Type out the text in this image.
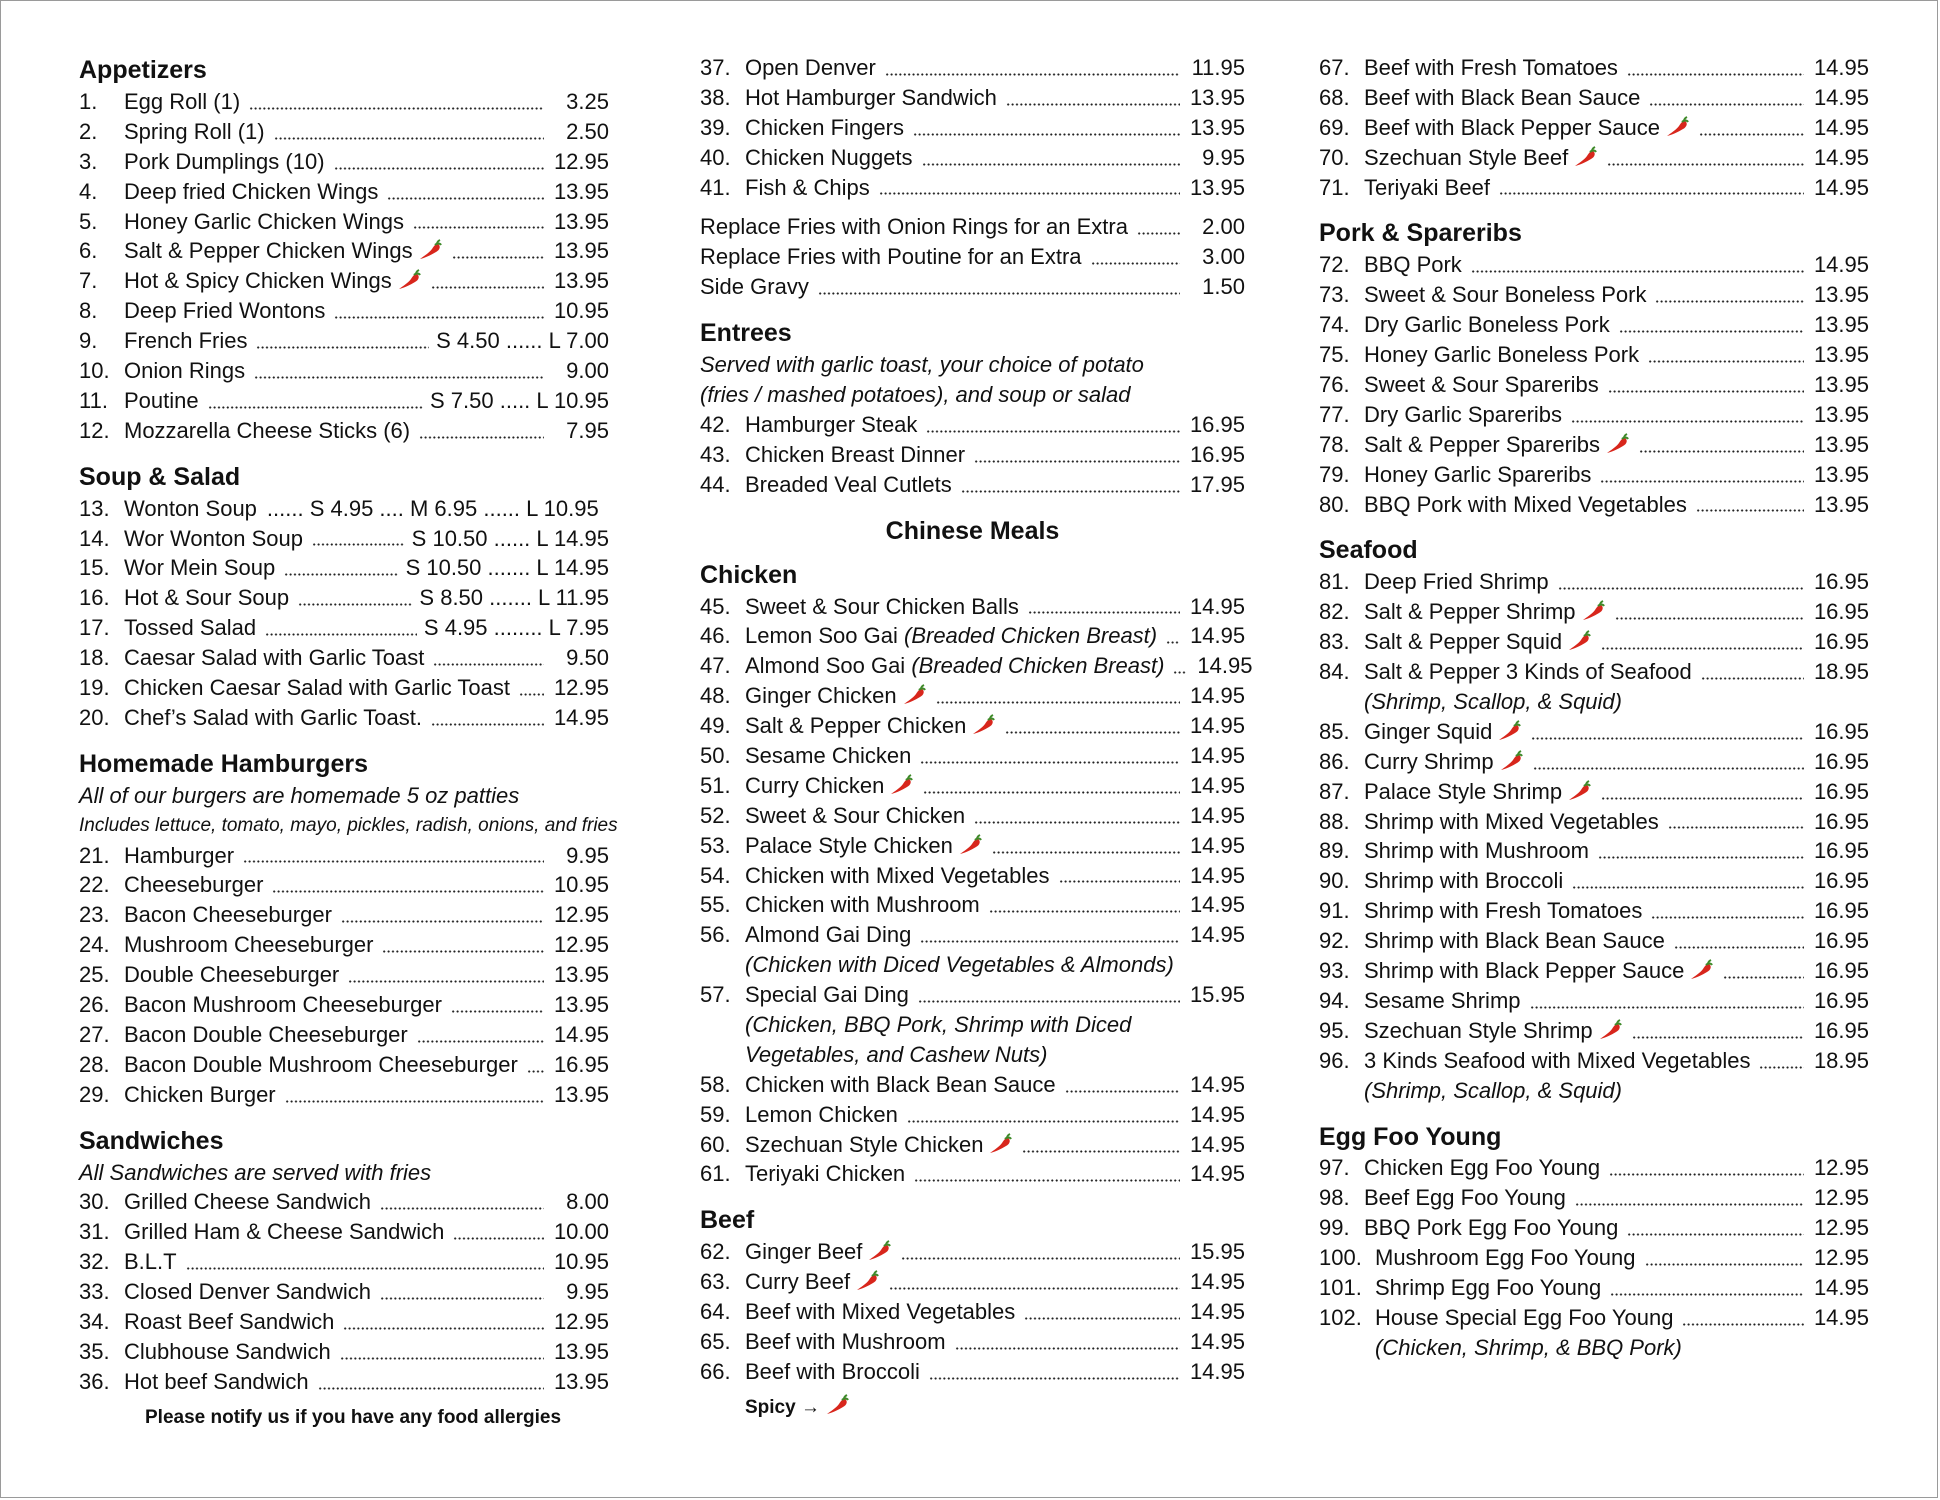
Appetizers
1.	Egg Roll (1)	3.25
2.	Spring Roll (1)	2.50
3.	Pork Dumplings (10)	12.95
4.	Deep fried Chicken Wings	13.95
5.	Honey Garlic Chicken Wings	13.95
6.	Salt & Pepper Chicken Wings	13.95
7.	Hot & Spicy Chicken Wings	13.95
8.	Deep Fried Wontons	10.95
9.	French Fries	S 4.50 ...... L 7.00
10. Onion Rings	9.00
11. Poutine	S 7.50 ..... L 10.95
12. Mozzarella Cheese Sticks (6)	7.95
Soup & Salad
13. Wonton Soup ...... S 4.95 .... M 6.95 ...... L 10.95
14. Wor Wonton Soup	S 10.50 ...... L 14.95
15. Wor Mein Soup	S 10.50 ....... L 14.95
16. Hot & Sour Soup	S 8.50 ....... L 11.95
17. Tossed Salad	S 4.95 ........ L 7.95
18. Caesar Salad with Garlic Toast	9.50
19. Chicken Caesar Salad with Garlic Toast 12.95
20. Chef’s Salad with Garlic Toast.	14.95
Homemade Hamburgers
All of our burgers are homemade 5 oz patties
Includes lettuce, tomato, mayo, pickles, radish, onions, and fries
21. Hamburger	9.95
22. Cheeseburger	10.95
23. Bacon Cheeseburger	12.95
24. Mushroom Cheeseburger	12.95
25. Double Cheeseburger	13.95
26. Bacon Mushroom Cheeseburger	13.95
27. Bacon Double Cheeseburger	14.95
28. Bacon Double Mushroom Cheeseburger 16.95
29. Chicken Burger	13.95
Sandwiches
All Sandwiches are served with fries
30. Grilled Cheese Sandwich	8.00
31. Grilled Ham & Cheese Sandwich	10.00
32. B.L.T	10.95
33. Closed Denver Sandwich	9.95
34. Roast Beef Sandwich	12.95
35. Clubhouse Sandwich	13.95
36. Hot beef Sandwich	13.95
Please notify us if you have any food allergies
37. Open Denver	11.95
38. Hot Hamburger Sandwich	13.95
39. Chicken Fingers	13.95
40. Chicken Nuggets	9.95
41. Fish & Chips	13.95
Replace Fries with Onion Rings for an Extra	2.00
Replace Fries with Poutine for an Extra	3.00
Side Gravy	1.50
Entrees
Served with garlic toast, your choice of potato
(fries / mashed potatoes), and soup or salad
42. Hamburger Steak	16.95
43. Chicken Breast Dinner	16.95
44. Breaded Veal Cutlets	17.95
Chinese Meals
Chicken
45. Sweet & Sour Chicken Balls	14.95
46. Lemon Soo Gai (Breaded Chicken Breast) 14.95
47. Almond Soo Gai (Breaded Chicken Breast) 14.95
48. Ginger Chicken	14.95
49. Salt & Pepper Chicken	14.95
50. Sesame Chicken	14.95
51. Curry Chicken	14.95
52. Sweet & Sour Chicken	14.95
53. Palace Style Chicken	14.95
54. Chicken with Mixed Vegetables	14.95
55. Chicken with Mushroom	14.95
56. Almond Gai Ding	14.95
(Chicken with Diced Vegetables & Almonds)
57. Special Gai Ding	15.95
(Chicken, BBQ Pork, Shrimp with Diced
Vegetables, and Cashew Nuts)
58. Chicken with Black Bean Sauce	14.95
59. Lemon Chicken	14.95
60. Szechuan Style Chicken	14.95
61. Teriyaki Chicken	14.95
Beef
62. Ginger Beef	15.95
63. Curry Beef	14.95
64. Beef with Mixed Vegetables	14.95
65. Beef with Mushroom	14.95
66. Beef with Broccoli	14.95
Spicy →
67. Beef with Fresh Tomatoes	14.95
68. Beef with Black Bean Sauce	14.95
69. Beef with Black Pepper Sauce	14.95
70. Szechuan Style Beef	14.95
71. Teriyaki Beef	14.95
Pork & Spareribs
72. BBQ Pork	14.95
73. Sweet & Sour Boneless Pork	13.95
74. Dry Garlic Boneless Pork	13.95
75. Honey Garlic Boneless Pork	13.95
76. Sweet & Sour Spareribs	13.95
77. Dry Garlic Spareribs	13.95
78. Salt & Pepper Spareribs	13.95
79. Honey Garlic Spareribs	13.95
80. BBQ Pork with Mixed Vegetables	13.95
Seafood
81. Deep Fried Shrimp	16.95
82. Salt & Pepper Shrimp	16.95
83. Salt & Pepper Squid	16.95
84. Salt & Pepper 3 Kinds of Seafood	18.95
(Shrimp, Scallop, & Squid)
85. Ginger Squid	16.95
86. Curry Shrimp	16.95
87. Palace Style Shrimp	16.95
88. Shrimp with Mixed Vegetables	16.95
89. Shrimp with Mushroom	16.95
90. Shrimp with Broccoli	16.95
91. Shrimp with Fresh Tomatoes	16.95
92. Shrimp with Black Bean Sauce	16.95
93. Shrimp with Black Pepper Sauce	16.95
94. Sesame Shrimp	16.95
95. Szechuan Style Shrimp	16.95
96. 3 Kinds Seafood with Mixed Vegetables	18.95
(Shrimp, Scallop, & Squid)
Egg Foo Young
97. Chicken Egg Foo Young	12.95
98. Beef Egg Foo Young	12.95
99. BBQ Pork Egg Foo Young	12.95
100. Mushroom Egg Foo Young	12.95
101. Shrimp Egg Foo Young	14.95
102. House Special Egg Foo Young	14.95
(Chicken, Shrimp, & BBQ Pork)
